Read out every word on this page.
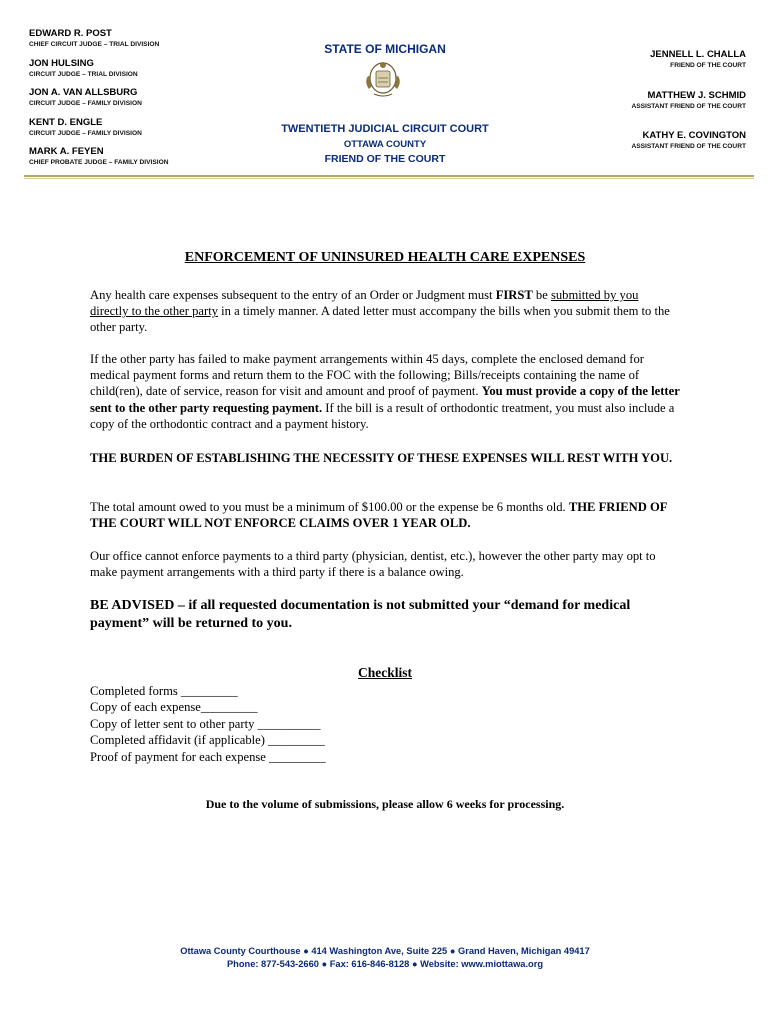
EDWARD R. POST

CHIEF CIRCUIT JUDGE – TRIAL DIVISION

JON HULSING

CIRCUIT JUDGE – TRIAL DIVISION

JON A. VAN ALLSBURG

CIRCUIT JUDGE – FAMILY DIVISION

KENT D. ENGLE

CIRCUIT JUDGE – FAMILY DIVISION

MARK A. FEYEN

CHIEF PROBATE JUDGE – FAMILY DIVISION

STATE OF MICHIGAN
TWENTIETH JUDICIAL CIRCUIT COURT
OTTAWA COUNTY
FRIEND OF THE COURT

JENNELL L. CHALLA

FRIEND OF THE COURT

MATTHEW J. SCHMID

ASSISTANT FRIEND OF THE COURT

KATHY E. COVINGTON

ASSISTANT FRIEND OF THE COURT

ENFORCEMENT OF UNINSURED HEALTH CARE EXPENSES

Any health care expenses subsequent to the entry of an Order or Judgment must FIRST be submitted by you directly to the other party in a timely manner. A dated letter must accompany the bills when you submit them to the other party.

If the other party has failed to make payment arrangements within 45 days, complete the enclosed demand for medical payment forms and return them to the FOC with the following; Bills/receipts containing the name of child(ren), date of service, reason for visit and amount and proof of payment. You must provide a copy of the letter sent to the other party requesting payment. If the bill is a result of orthodontic treatment, you must also include a copy of the orthodontic contract and a payment history.

THE BURDEN OF ESTABLISHING THE NECESSITY OF THESE EXPENSES WILL REST WITH YOU.

The total amount owed to you must be a minimum of $100.00 or the expense be 6 months old. THE FRIEND OF THE COURT WILL NOT ENFORCE CLAIMS OVER 1 YEAR OLD.

Our office cannot enforce payments to a third party (physician, dentist, etc.), however the other party may opt to make payment arrangements with a third party if there is a balance owing.

BE ADVISED – if all requested documentation is not submitted your “demand for medical payment” will be returned to you.
Checklist
Completed forms _________
Copy of each expense_________
Copy of letter sent to other party __________
Completed affidavit (if applicable) _________
Proof of payment for each expense _________
Due to the volume of submissions, please allow 6 weeks for processing.
Ottawa County Courthouse ● 414 Washington Ave, Suite 225 ● Grand Haven, Michigan 49417
Phone: 877-543-2660 ● Fax: 616-846-8128 ● Website: www.miottawa.org
